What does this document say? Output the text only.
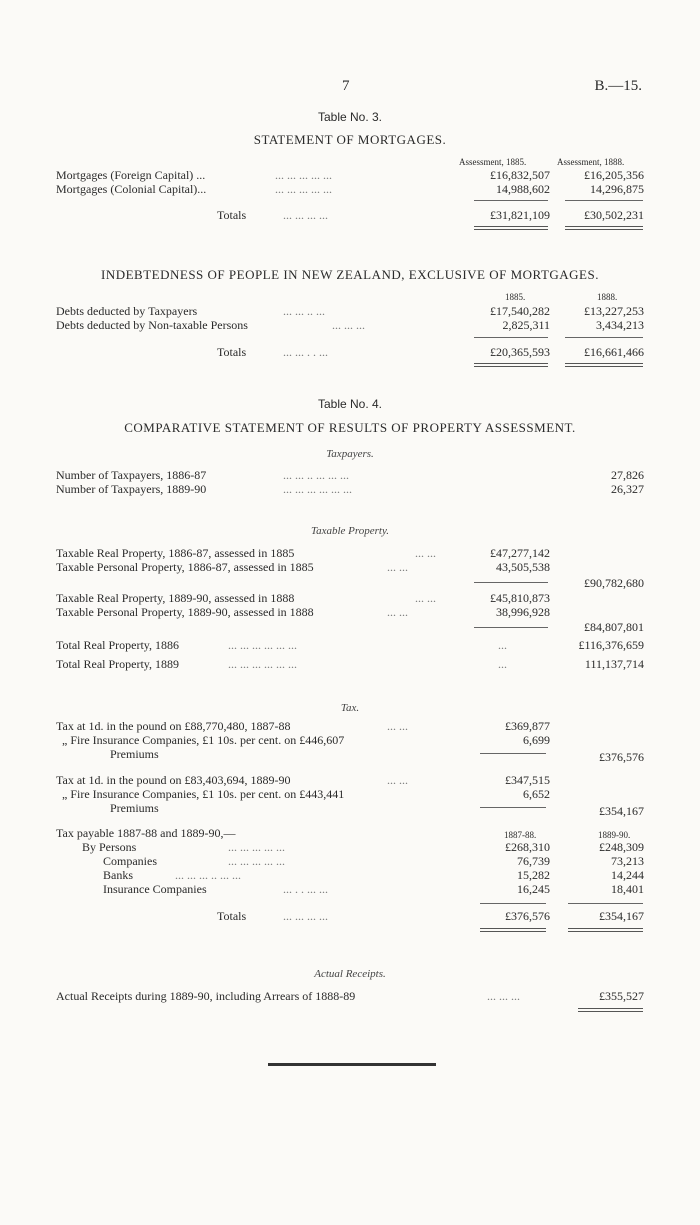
7	B.—15.
Table No. 3.
STATEMENT OF MORTGAGES.
Assessment, 1885.	Assessment, 1888.
Mortgages (Foreign Capital) ...	... ... ... ... ...	£16,832,507	£16,205,356
Mortgages (Colonial Capital)...	... ... ... ... ...	14,988,602	14,296,875
Totals	... ... ... ...	£31,821,109	£30,502,231
INDEBTEDNESS OF PEOPLE IN NEW ZEALAND, EXCLUSIVE OF MORTGAGES.
1885.	1888.
Debts deducted by Taxpayers	... ... .. ...	£17,540,282	£13,227,253
Debts deducted by Non-taxable Persons	... ... ...	2,825,311	3,434,213
Totals	... ... . . ...	£20,365,593	£16,661,466
Table No. 4.
COMPARATIVE STATEMENT OF RESULTS OF PROPERTY ASSESSMENT.
Taxpayers.
Number of Taxpayers, 1886-87	... ... .. ... ... ...	27,826
Number of Taxpayers, 1889-90	... ... ... ... ... ...	26,327
Taxable Property.
Taxable Real Property, 1886-87, assessed in 1885	... ...	£47,277,142
Taxable Personal Property, 1886-87, assessed in 1885	... ...	43,505,538
£90,782,680
Taxable Real Property, 1889-90, assessed in 1888	... ...	£45,810,873
Taxable Personal Property, 1889-90, assessed in 1888	... ...	38,996,928
£84,807,801
Total Real Property, 1886	... ... ... ... ... ...	...	£116,376,659
Total Real Property, 1889	... ... ... ... ... ...	...	111,137,714
Tax.
Tax at 1d. in the pound on £88,770,480, 1887-88	... ...	£369,877
„ Fire Insurance Companies, £1 10s. per cent. on £446,607	6,699
Premiums	£376,576
Tax at 1d. in the pound on £83,403,694, 1889-90	... ...	£347,515
„ Fire Insurance Companies, £1 10s. per cent. on £443,441	6,652
Premiums	£354,167
Tax payable 1887-88 and 1889-90,—	1887-88.	1889-90.
By Persons	... ... ... ... ...	£268,310	£248,309
Companies	... ... ... ... ...	76,739	73,213
Banks	... ... ... .. ... ...	15,282	14,244
Insurance Companies	... . . ... ...	16,245	18,401
Totals	... ... ... ...	£376,576	£354,167
Actual Receipts.
Actual Receipts during 1889-90, including Arrears of 1888-89	... ... ...	£355,527
